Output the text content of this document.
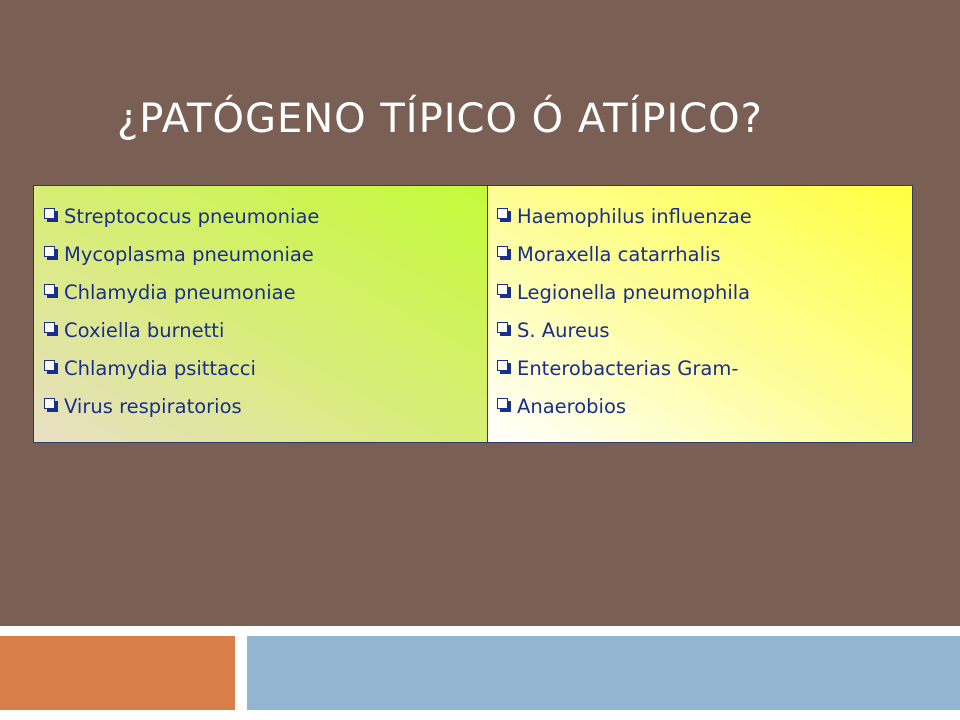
¿PATÓGENO TÍPICO Ó ATÍPICO?
Streptococus pneumoniae
Mycoplasma pneumoniae
Chlamydia pneumoniae
Coxiella burnetti
Chlamydia psittacci
Virus respiratorios
Haemophilus influenzae
Moraxella catarrhalis
Legionella pneumophila
S. Aureus
Enterobacterias Gram-
Anaerobios
